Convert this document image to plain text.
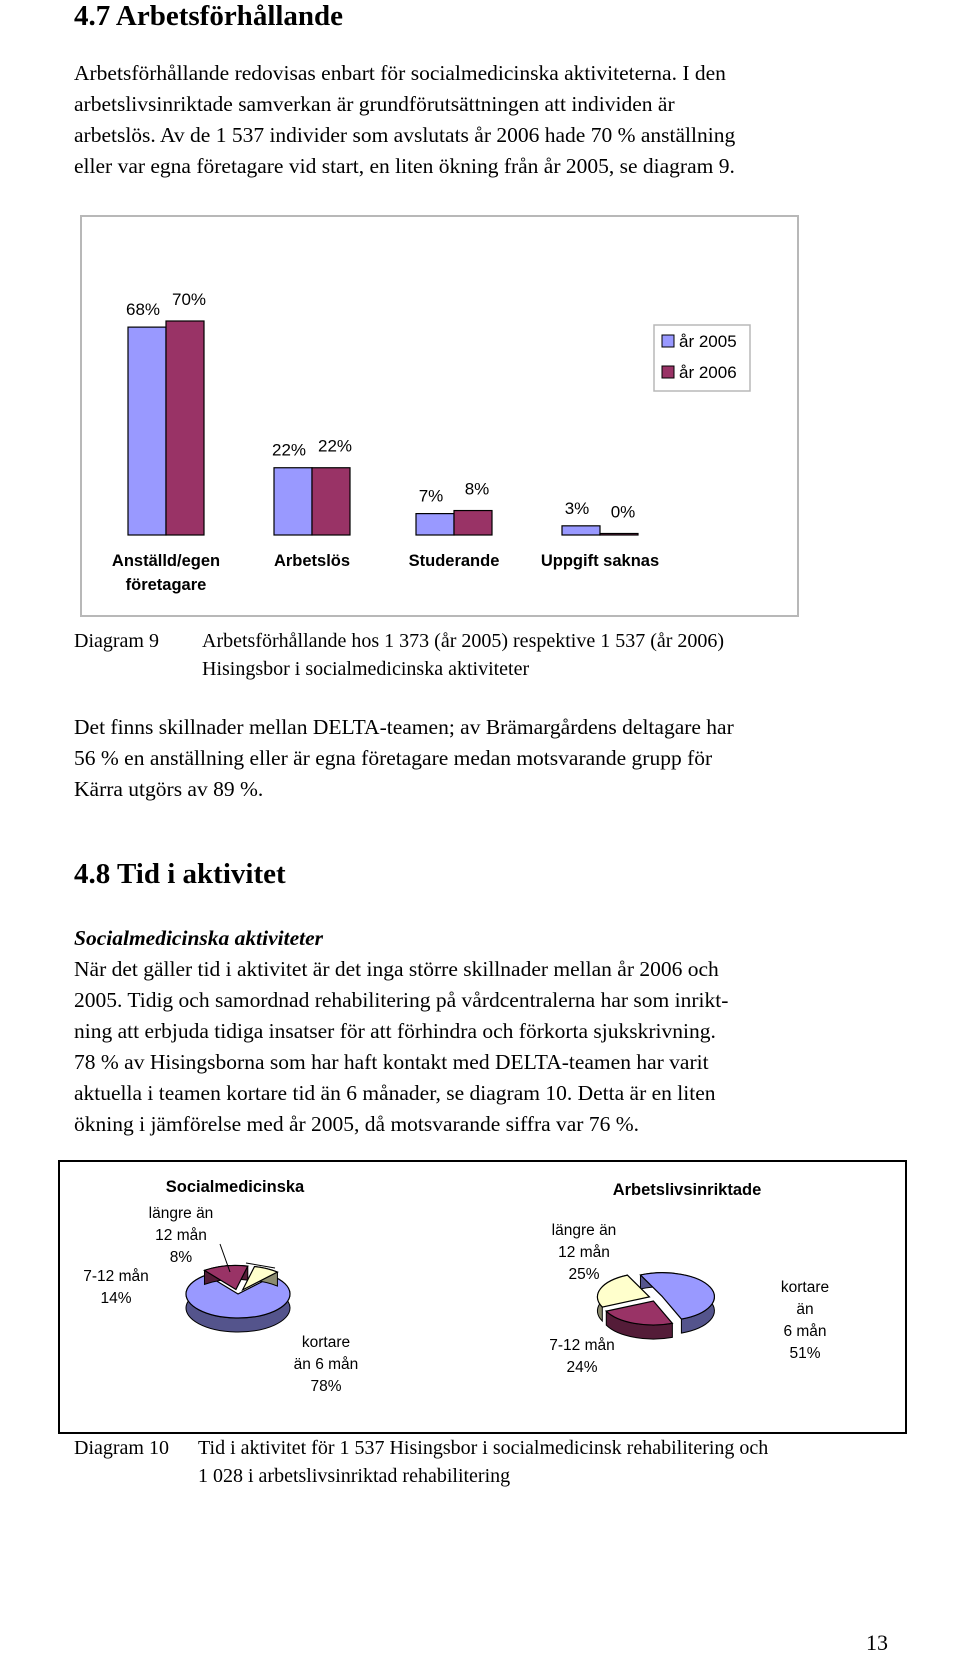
4.7 Arbetsförhållande

Arbetsförhållande redovisas enbart för socialmedicinska aktiviteterna. I den

arbetslivsinriktade samverkan är grundförutsättningen att individen är

arbetslös. Av de 1 537 individer som avslutats år 2006 hade 70 % anställning

eller var egna företagare vid start, en liten ökning från år 2005, se diagram 9.

68%
70%
Anställd/egen
företagare
22% 22%
Arbetslös
7% 8%
Studerande
3% 0%
Uppgift saknas
år 2005
år 2006
Diagram 9 Arbetsförhållande hos 1 373 (år 2005) respektive 1 537 (år 2006)
Hisingsbor i socialmedicinska aktiviteter

Det finns skillnader mellan DELTA-teamen; av Brämargårdens deltagare har

56 % en anställning eller är egna företagare medan motsvarande grupp för

Kärra utgörs av 89 %.

4.8 Tid i aktivitet
Socialmedicinska aktiviteter

När det gäller tid i aktivitet är det inga större skillnader mellan år 2006 och

2005. Tidig och samordnad rehabilitering på vårdcentralerna har som inrikt-

ning att erbjuda tidiga insatser för att förhindra och förkorta sjukskrivning.

78 % av Hisingsborna som har haft kontakt med DELTA-teamen har varit

aktuella i teamen kortare tid än 6 månader, se diagram 10. Detta är en liten

ökning i jämförelse med år 2005, då motsvarande siffra var 76 %.

Socialmedicinska
kortare
än 6 mån
78%
7-12 mån
14%
längre än
12 mån
8%
Arbetslivsinriktade
kortare
än
6 mån
51%
7-12 mån
24%
längre än
12 mån
25%
Diagram 10 Tid i aktivitet för 1 537 Hisingsbor i socialmedicinsk rehabilitering och
1 028 i arbetslivsinriktad rehabilitering
13
